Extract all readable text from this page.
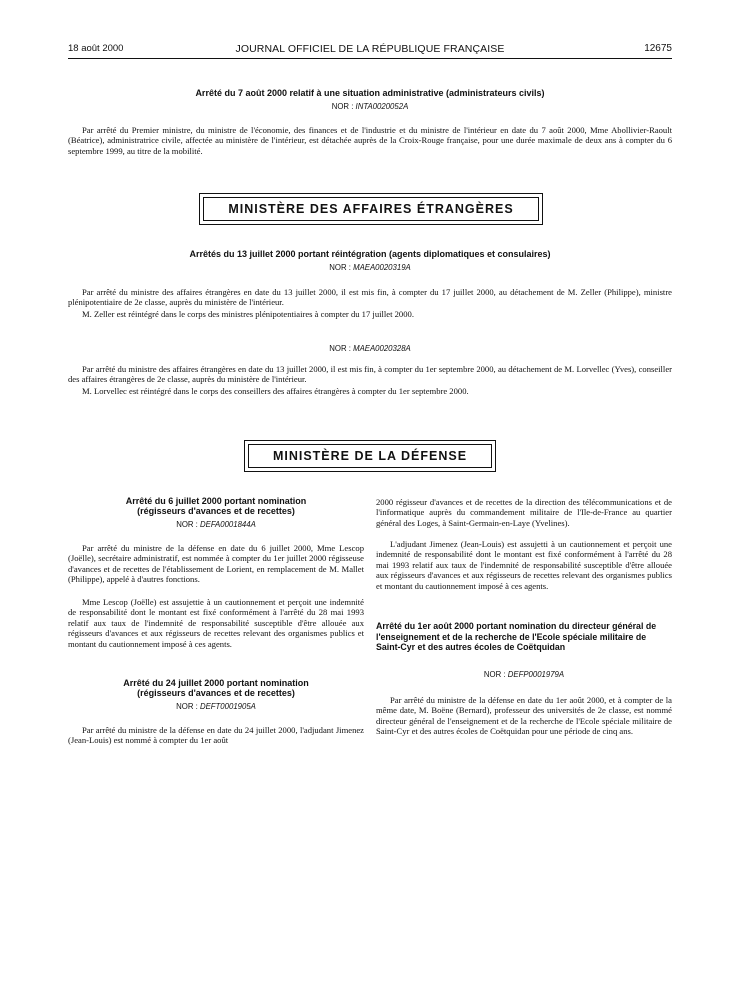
18 août 2000	JOURNAL OFFICIEL DE LA RÉPUBLIQUE FRANÇAISE	12675
Arrêté du 7 août 2000 relatif à une situation administrative (administrateurs civils)
NOR : INTA0020052A

Par arrêté du Premier ministre, du ministre de l'économie, des finances et de l'industrie et du ministre de l'intérieur en date du 7 août 2000, Mme Abollivier-Raoult (Béatrice), administratrice civile, affectée au ministère de l'intérieur, est détachée auprès de la Croix-Rouge française, pour une durée maximale de deux ans à compter du 6 septembre 1999, au titre de la mobilité.

MINISTÈRE DES AFFAIRES ÉTRANGÈRES
Arrêtés du 13 juillet 2000 portant réintégration (agents diplomatiques et consulaires)
NOR : MAEA0020319A

Par arrêté du ministre des affaires étrangères en date du 13 juillet 2000, il est mis fin, à compter du 17 juillet 2000, au détachement de M. Zeller (Philippe), ministre plénipotentiaire de 2e classe, auprès du ministère de l'intérieur.

M. Zeller est réintégré dans le corps des ministres plénipotentiaires à compter du 17 juillet 2000.

NOR : MAEA0020328A

Par arrêté du ministre des affaires étrangères en date du 13 juillet 2000, il est mis fin, à compter du 1er septembre 2000, au détachement de M. Lorvellec (Yves), conseiller des affaires étrangères de 2e classe, auprès du ministère de l'intérieur.

M. Lorvellec est réintégré dans le corps des conseillers des affaires étrangères à compter du 1er septembre 2000.

MINISTÈRE DE LA DÉFENSE
Arrêté du 6 juillet 2000 portant nomination
(régisseurs d'avances et de recettes)
NOR : DEFA0001844A

Par arrêté du ministre de la défense en date du 6 juillet 2000, Mme Lescop (Joëlle), secrétaire administratif, est nommée à compter du 1er juillet 2000 régisseuse d'avances et de recettes de l'établissement de Lorient, en remplacement de M. Mallet (Philippe), appelé à d'autres fonctions.

Mme Lescop (Joëlle) est assujettie à un cautionnement et perçoit une indemnité de responsabilité dont le montant est fixé conformément à l'arrêté du 28 mai 1993 relatif aux taux de l'indemnité de responsabilité susceptible d'être allouée aux régisseurs d'avances et aux régisseurs de recettes relevant des organismes publics et montant du cautionnement imposé à ces agents.

Arrêté du 24 juillet 2000 portant nomination
(régisseurs d'avances et de recettes)
NOR : DEFT0001905A

Par arrêté du ministre de la défense en date du 24 juillet 2000, l'adjudant Jimenez (Jean-Louis) est nommé à compter du 1er août

2000 régisseur d'avances et de recettes de la direction des télécommunications et de l'informatique auprès du commandement militaire de l'Ile-de-France au quartier général des Loges, à Saint-Germain-en-Laye (Yvelines).

L'adjudant Jimenez (Jean-Louis) est assujetti à un cautionnement et perçoit une indemnité de responsabilité dont le montant est fixé conformément à l'arrêté du 28 mai 1993 relatif aux taux de l'indemnité de responsabilité susceptible d'être allouée aux régisseurs d'avances et aux régisseurs de recettes relevant des organismes publics et montant du cautionnement imposé à ces agents.

Arrêté du 1er août 2000 portant nomination du directeur général de l'enseignement et de la recherche de l'Ecole spéciale militaire de Saint-Cyr et des autres écoles de Coëtquidan
NOR : DEFP0001979A

Par arrêté du ministre de la défense en date du 1er août 2000, et à compter de la même date, M. Boëne (Bernard), professeur des universités de 2e classe, est nommé directeur général de l'enseignement et de la recherche de l'Ecole spéciale militaire de Saint-Cyr et des autres écoles de Coëtquidan pour une période de cinq ans.
